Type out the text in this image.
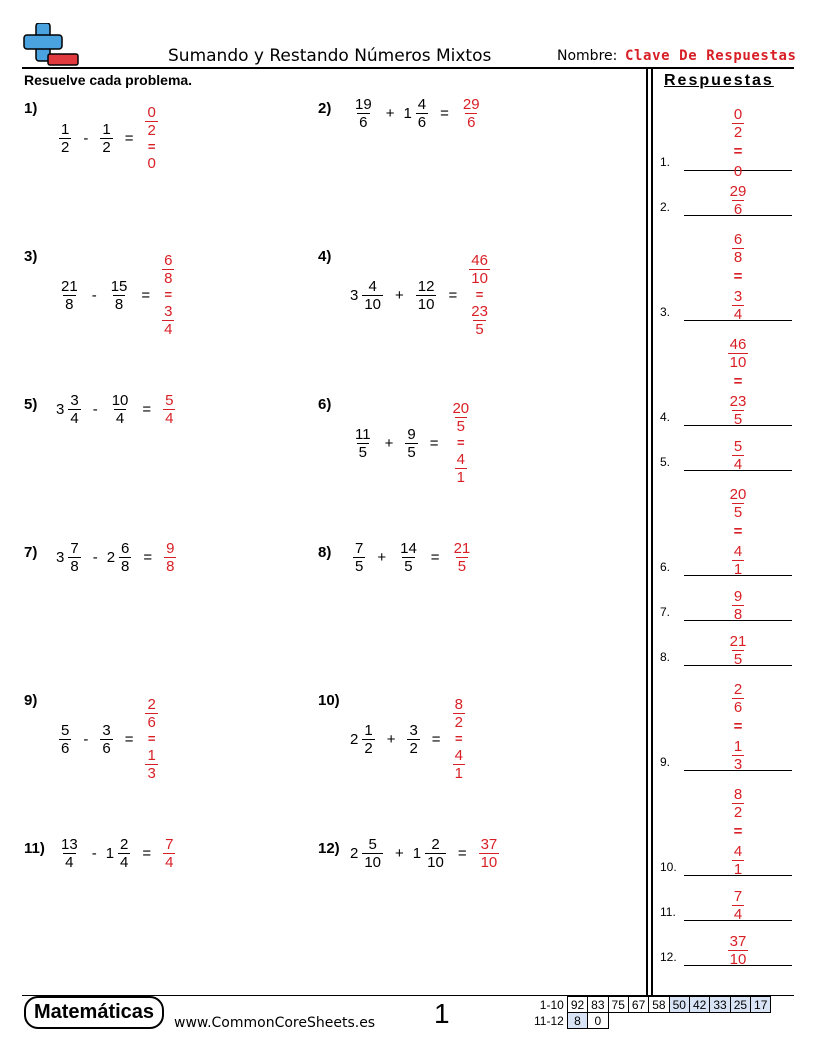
Sumando y Restando Números Mixtos	Nombre: Clave De Respuestas
Resuelve cada problema.
1)
$\frac{1}{2} - \frac{1}{2} = \frac{0}{2}$
=
0
$2) \frac{19}{6} + 1 \frac{4}{6} = \frac{29}{6}$
3)
$\frac{21}{8} - \frac{15}{8}$ =
$\frac{6}{8}$
=
$\frac{3}{4}$
4)
$3 \frac{4}{10} + \frac{12}{10}$ =
$\frac{46}{10}$
=
$\frac{23}{5}$
5) $3 \frac{3}{4} - \frac{10}{4} = \frac{5}{4}$	6)
$\frac{11}{5} + \frac{9}{5}$ =
$\frac{20}{5}$
=
$\frac{4}{1}$
7) $3 \frac{7}{8} - 2 \frac{6}{8} = \frac{9}{8}$	$8) \frac{7}{5} + \frac{14}{5} = \frac{21}{5}$
9)
$\frac{5}{6} - \frac{3}{6}$ =
$\frac{2}{6}$
=
$\frac{1}{3}$
10)
$2 \frac{1}{2} + \frac{3}{2}$ =
$\frac{8}{2}$
=
$\frac{4}{1}$
$11) \frac{13}{4} - 1 \frac{2}{4} = \frac{7}{4}$	12) $2 \frac{5}{10} + 1 \frac{2}{10} = \frac{37}{10}$
Respuestas
1.
$\frac{0}{2}$
=
0
2.	$\frac{29}{6}$
3.
$\frac{6}{8}$
=
$\frac{3}{4}$
4.
$\frac{46}{10}$
=
$\frac{23}{5}$
5.	$\frac{5}{4}$
6.
$\frac{20}{5}$
=
$\frac{4}{1}$
7.	$\frac{9}{8}$
8.	$\frac{21}{5}$
9.
$\frac{2}{6}$
=
$\frac{1}{3}$
10.
$\frac{8}{2}$
=
$\frac{4}{1}$
11.	$\frac{7}{4}$
12.	$\frac{37}{10}$
Matemáticas	www.CommonCoreSheets.es 1	1-10	92	83	75	67	58	50	42	33	25	17
11-12	8	0								
